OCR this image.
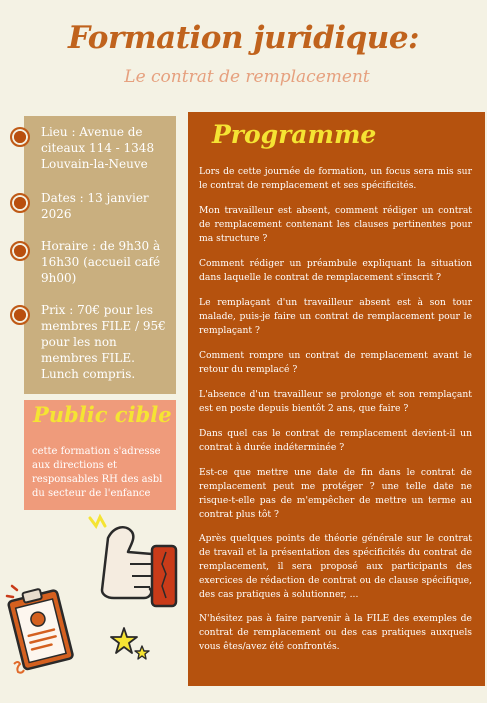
Formation juridique:
Le contrat de remplacement
Lieu : Avenue de citeaux 114 - 1348 Louvain-la-Neuve
Dates : 13 janvier 2026
Horaire : de 9h30 à 16h30 (accueil café 9h00)
Prix : 70€ pour les membres FILE / 95€ pour les non membres FILE. Lunch compris.
Public cible
cette formation s'adresse aux directions et responsables RH des asbl du secteur de l'enfance
Programme
Lors de cette journée de formation, un focus sera mis sur le contrat de remplacement et ses spécificités.
Mon travailleur est absent, comment rédiger un contrat de remplacement contenant les clauses pertinentes pour ma structure ?
Comment rédiger un préambule expliquant la situation dans laquelle le contrat de remplacement s'inscrit ?
Le remplaçant d'un travailleur absent est à son tour malade, puis-je faire un contrat de remplacement pour le remplaçant ?
Comment rompre un contrat de remplacement avant le retour du remplacé ?
L'absence d'un travailleur se prolonge et son remplaçant est en poste depuis bientôt 2 ans, que faire ?
Dans quel cas le contrat de remplacement devient-il un contrat à durée indéterminée ?
Est-ce que mettre une date de fin dans le contrat de remplacement peut me protéger ? une telle date ne risque-t-elle pas de m'empêcher de mettre un terme au contrat plus tôt ?
Après quelques points de théorie générale sur le contrat de travail et la présentation des spécificités du contrat de remplacement, il sera proposé aux participants des exercices de rédaction de contrat ou de clause spécifique, des cas pratiques à solutionner, ...
N'hésitez pas à faire parvenir à la FILE des exemples de contrat de remplacement ou des cas pratiques auxquels vous êtes/avez été confrontés.
